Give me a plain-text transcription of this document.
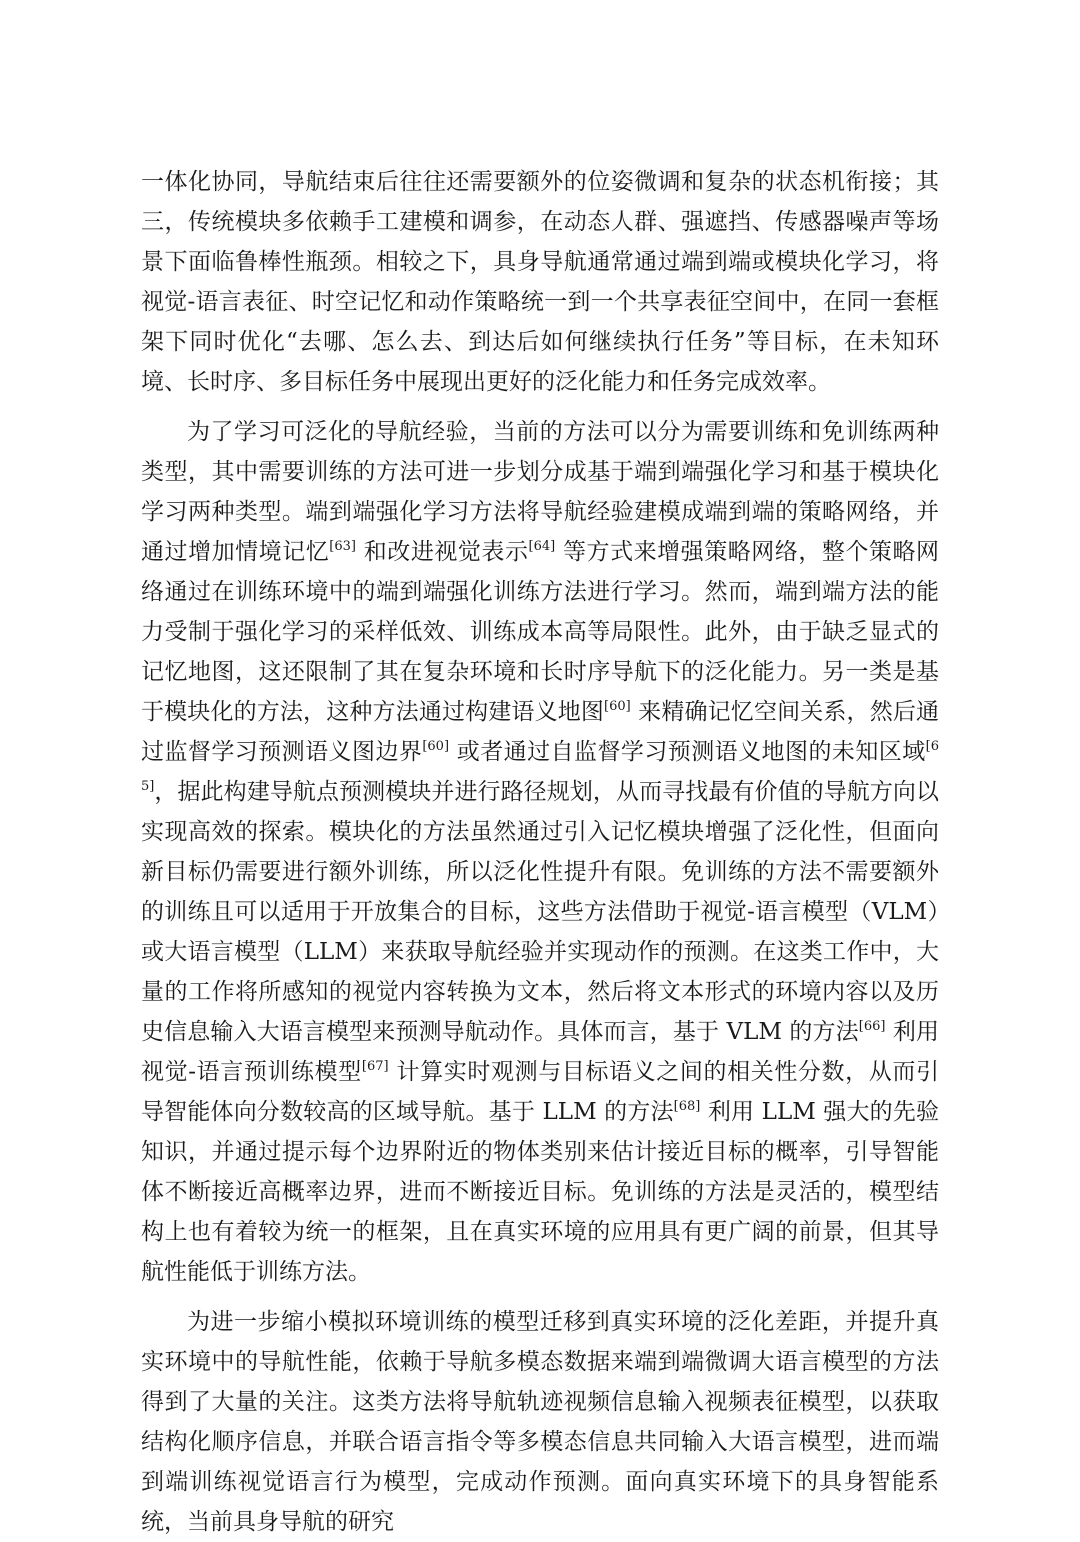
一体化协同，导航结束后往往还需要额外的位姿微调和复杂的状态机衔接；其三，传统模块多依赖手工建模和调参，在动态人群、强遮挡、传感器噪声等场景下面临鲁棒性瓶颈。相较之下，具身导航通常通过端到端或模块化学习，将视觉-语言表征、时空记忆和动作策略统一到一个共享表征空间中，在同一套框架下同时优化“去哪、怎么去、到达后如何继续执行任务”等目标，在未知环境、长时序、多目标任务中展现出更好的泛化能力和任务完成效率。

为了学习可泛化的导航经验，当前的方法可以分为需要训练和免训练两种类型，其中需要训练的方法可进一步划分成基于端到端强化学习和基于模块化学习两种类型。端到端强化学习方法将导航经验建模成端到端的策略网络，并通过增加情境记忆[63] 和改进视觉表示[64] 等方式来增强策略网络，整个策略网络通过在训练环境中的端到端强化训练方法进行学习。然而，端到端方法的能力受制于强化学习的采样低效、训练成本高等局限性。此外，由于缺乏显式的记忆地图，这还限制了其在复杂环境和长时序导航下的泛化能力。另一类是基于模块化的方法，这种方法通过构建语义地图[60] 来精确记忆空间关系，然后通过监督学习预测语义图边界[60] 或者通过自监督学习预测语义地图的未知区域[65]，据此构建导航点预测模块并进行路径规划，从而寻找最有价值的导航方向以实现高效的探索。模块化的方法虽然通过引入记忆模块增强了泛化性，但面向新目标仍需要进行额外训练，所以泛化性提升有限。免训练的方法不需要额外的训练且可以适用于开放集合的目标，这些方法借助于视觉-语言模型（VLM）或大语言模型（LLM）来获取导航经验并实现动作的预测。在这类工作中，大量的工作将所感知的视觉内容转换为文本，然后将文本形式的环境内容以及历史信息输入大语言模型来预测导航动作。具体而言，基于 VLM 的方法[66] 利用视觉-语言预训练模型[67] 计算实时观测与目标语义之间的相关性分数，从而引导智能体向分数较高的区域导航。基于 LLM 的方法[68] 利用 LLM 强大的先验知识，并通过提示每个边界附近的物体类别来估计接近目标的概率，引导智能体不断接近高概率边界，进而不断接近目标。免训练的方法是灵活的，模型结构上也有着较为统一的框架，且在真实环境的应用具有更广阔的前景，但其导航性能低于训练方法。

为进一步缩小模拟环境训练的模型迁移到真实环境的泛化差距，并提升真实环境中的导航性能，依赖于导航多模态数据来端到端微调大语言模型的方法得到了大量的关注。这类方法将导航轨迹视频信息输入视频表征模型，以获取结构化顺序信息，并联合语言指令等多模态信息共同输入大语言模型，进而端到端训练视觉语言行为模型，完成动作预测。面向真实环境下的具身智能系统，当前具身导航的研究
